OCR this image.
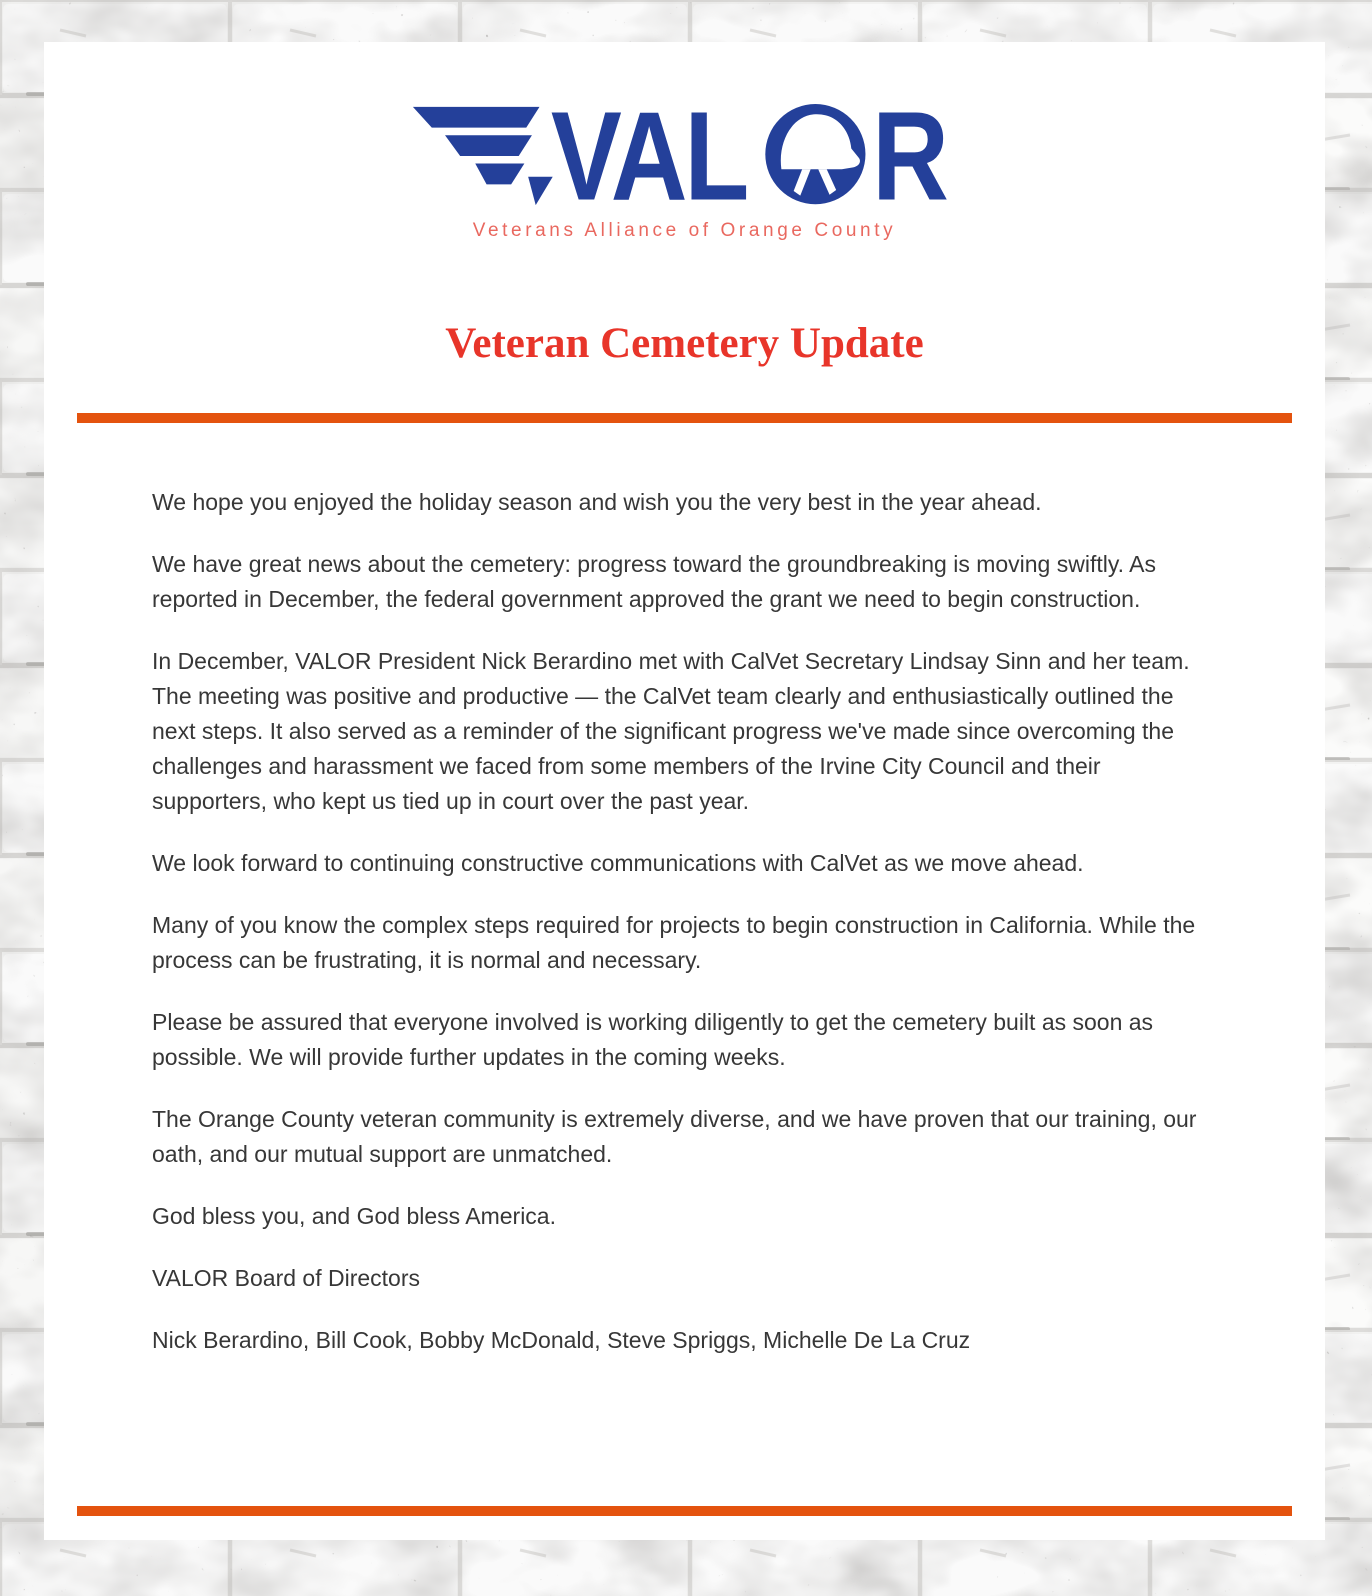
VAL R
Veterans Alliance of Orange County
Veteran Cemetery Update

We hope you enjoyed the holiday season and wish you the very best in the year ahead.

We have great news about the cemetery: progress toward the groundbreaking is moving swiftly. As reported in December, the federal government approved the grant we need to begin construction.

In December, VALOR President Nick Berardino met with CalVet Secretary Lindsay Sinn and her team. The meeting was positive and productive — the CalVet team clearly and enthusiastically outlined the next steps. It also served as a reminder of the significant progress we've made since overcoming the challenges and harassment we faced from some members of the Irvine City Council and their supporters, who kept us tied up in court over the past year.

We look forward to continuing constructive communications with CalVet as we move ahead.

Many of you know the complex steps required for projects to begin construction in California. While the process can be frustrating, it is normal and necessary.

Please be assured that everyone involved is working diligently to get the cemetery built as soon as possible. We will provide further updates in the coming weeks.

The Orange County veteran community is extremely diverse, and we have proven that our training, our oath, and our mutual support are unmatched.

God bless you, and God bless America.

VALOR Board of Directors

Nick Berardino, Bill Cook, Bobby McDonald, Steve Spriggs, Michelle De La Cruz
